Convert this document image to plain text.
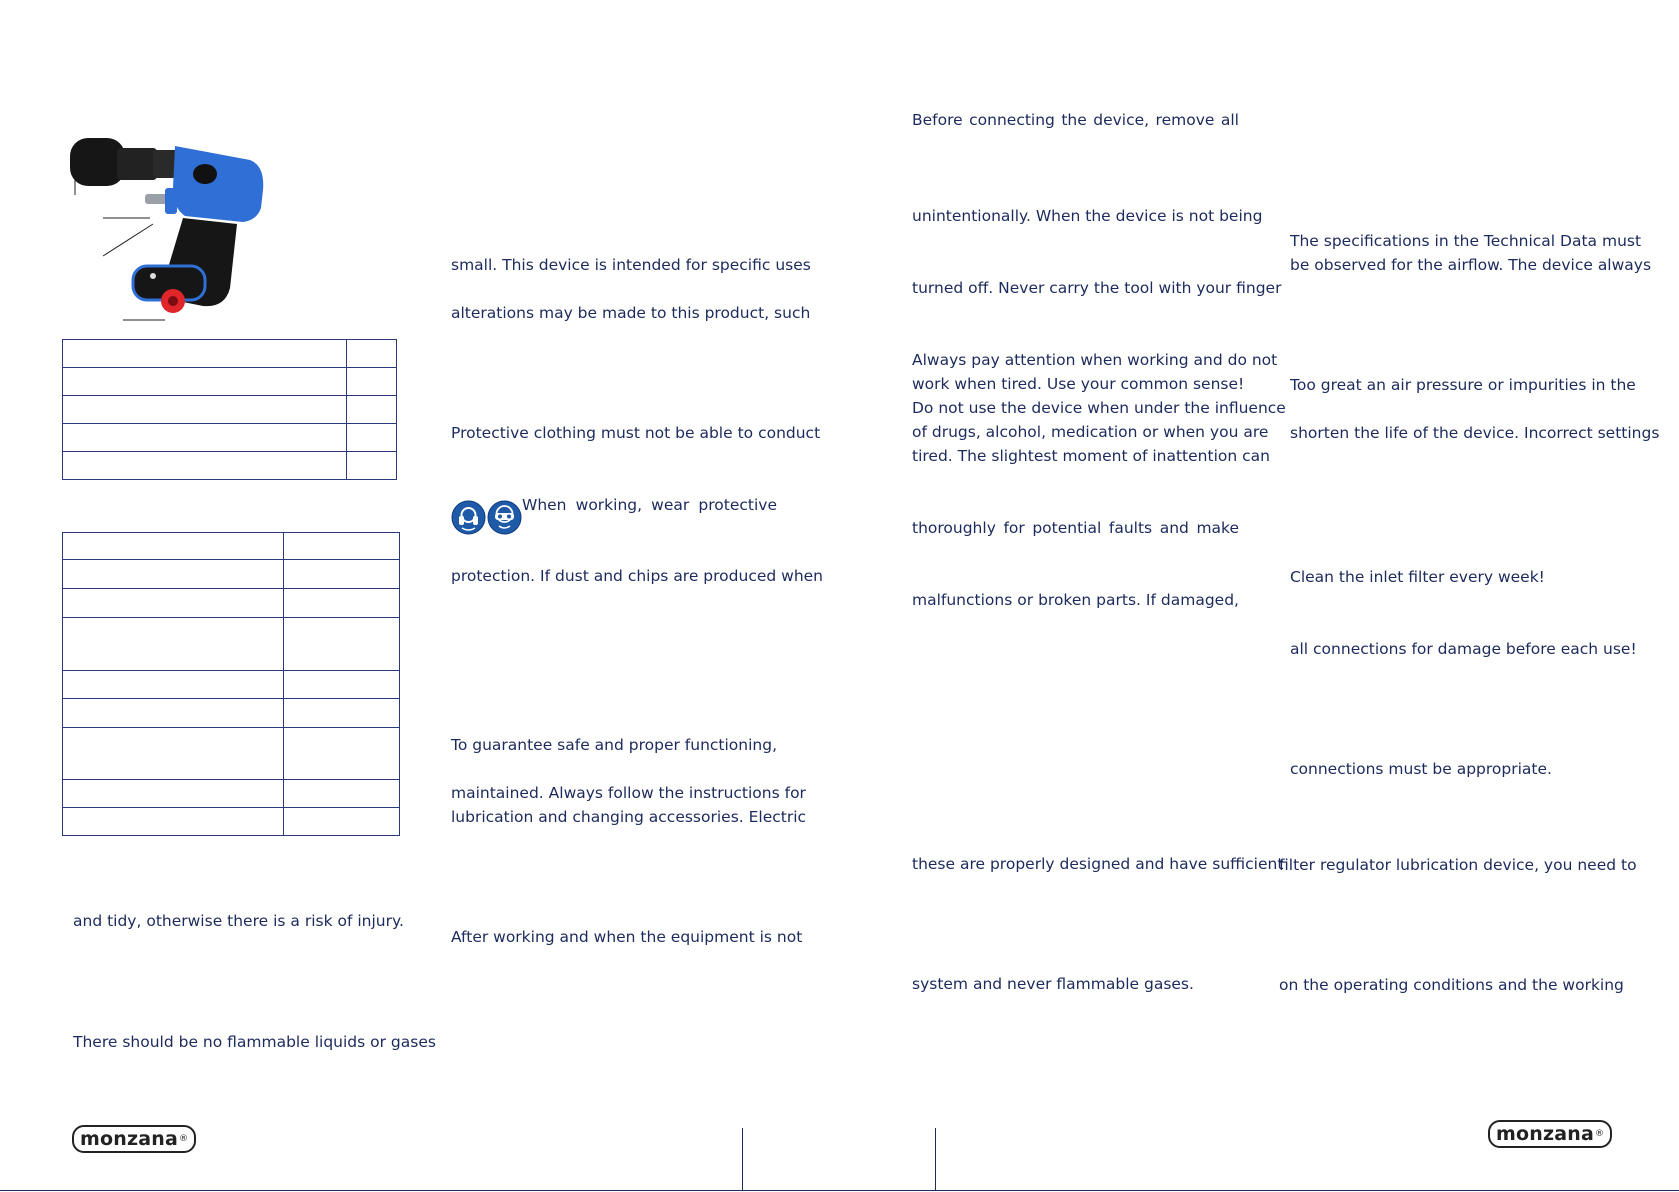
and tidy, otherwise there is a risk of injury.
There should be no flammable liquids or gases
small. This device is intended for specific uses
alterations may be made to this product, such
Protective clothing must not be able to conduct
When working, wear protective
protection. If dust and chips are produced when
To guarantee safe and proper functioning,
maintained. Always follow the instructions for
lubrication and changing accessories. Electric
After working and when the equipment is not
Before connecting the device, remove all
unintentionally. When the device is not being
turned off. Never carry the tool with your finger
Always pay attention when working and do not
work when tired. Use your common sense!
Do not use the device when under the influence
of drugs, alcohol, medication or when you are
tired. The slightest moment of inattention can
thoroughly for potential faults and make
malfunctions or broken parts. If damaged,
these are properly designed and have sufficient
system and never flammable gases.
The specifications in the Technical Data must
be observed for the airflow. The device always
Too great an air pressure or impurities in the
shorten the life of the device. Incorrect settings
Clean the inlet filter every week!
all connections for damage before each use!
connections must be appropriate.
filter regulator lubrication device, you need to
on the operating conditions and the working
monzana ®	monzana ®
